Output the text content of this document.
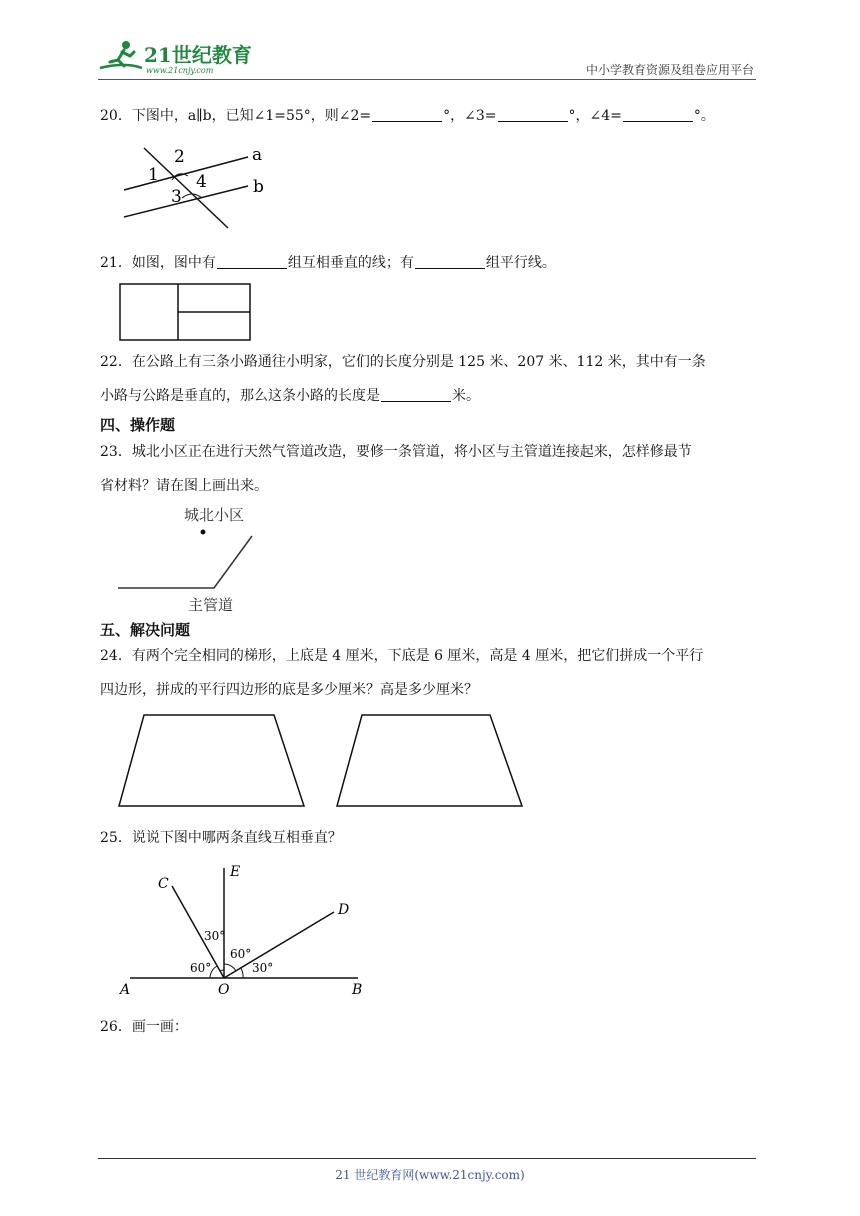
21世纪教育
www.21cnjy.com	中小学教育资源及组卷应用平台
20．下图中，a∥b，已知∠1=55°，则∠2=	°，∠3=	°，∠4=	°。
1
2
3
4
a
b
21．如图，图中有	组互相垂直的线；有	组平行线。
22．在公路上有三条小路通往小明家，它们的长度分别是 125 米、207 米、112 米，其中有一条
小路与公路是垂直的，那么这条小路的长度是	米。
四、操作题
23．城北小区正在进行天然气管道改造，要修一条管道，将小区与主管道连接起来，怎样修最节
省材料？请在图上画出来。
城北小区
主管道
五、解决问题
24．有两个完全相同的梯形，上底是 4 厘米，下底是 6 厘米，高是 4 厘米，把它们拼成一个平行
四边形，拼成的平行四边形的底是多少厘米？高是多少厘米？
25．说说下图中哪两条直线互相垂直？
E
C
D
A	O	B
30°
60°
60°	30°
26．画一画：
21 世纪教育网(www.21cnjy.com)
